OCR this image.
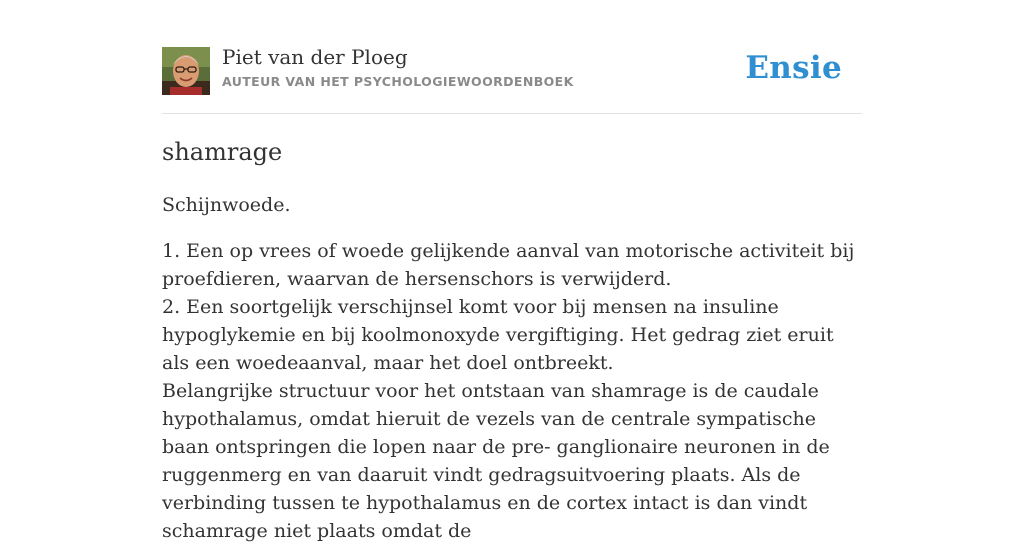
Piet van der Ploeg
AUTEUR VAN HET PSYCHOLOGIEWOORDENBOEK	Ensie
shamrage

Schijnwoede.

1. Een op vrees of woede gelijkende aanval van motorische activiteit bij proefdieren, waarvan de hersenschors is verwijderd.
2. Een soortgelijk verschijnsel komt voor bij mensen na insuline hypoglykemie en bij koolmonoxyde vergiftiging. Het gedrag ziet eruit als een woedeaanval, maar het doel ontbreekt.
Belangrijke structuur voor het ontstaan van shamrage is de caudale hypothalamus, omdat hieruit de vezels van de centrale sympatische baan ontspringen die lopen naar de pre- ganglionaire neuronen in de ruggenmerg en van daaruit vindt gedragsuitvoering plaats. Als de verbinding tussen te hypothalamus en de cortex intact is dan vindt schamrage niet plaats omdat de
